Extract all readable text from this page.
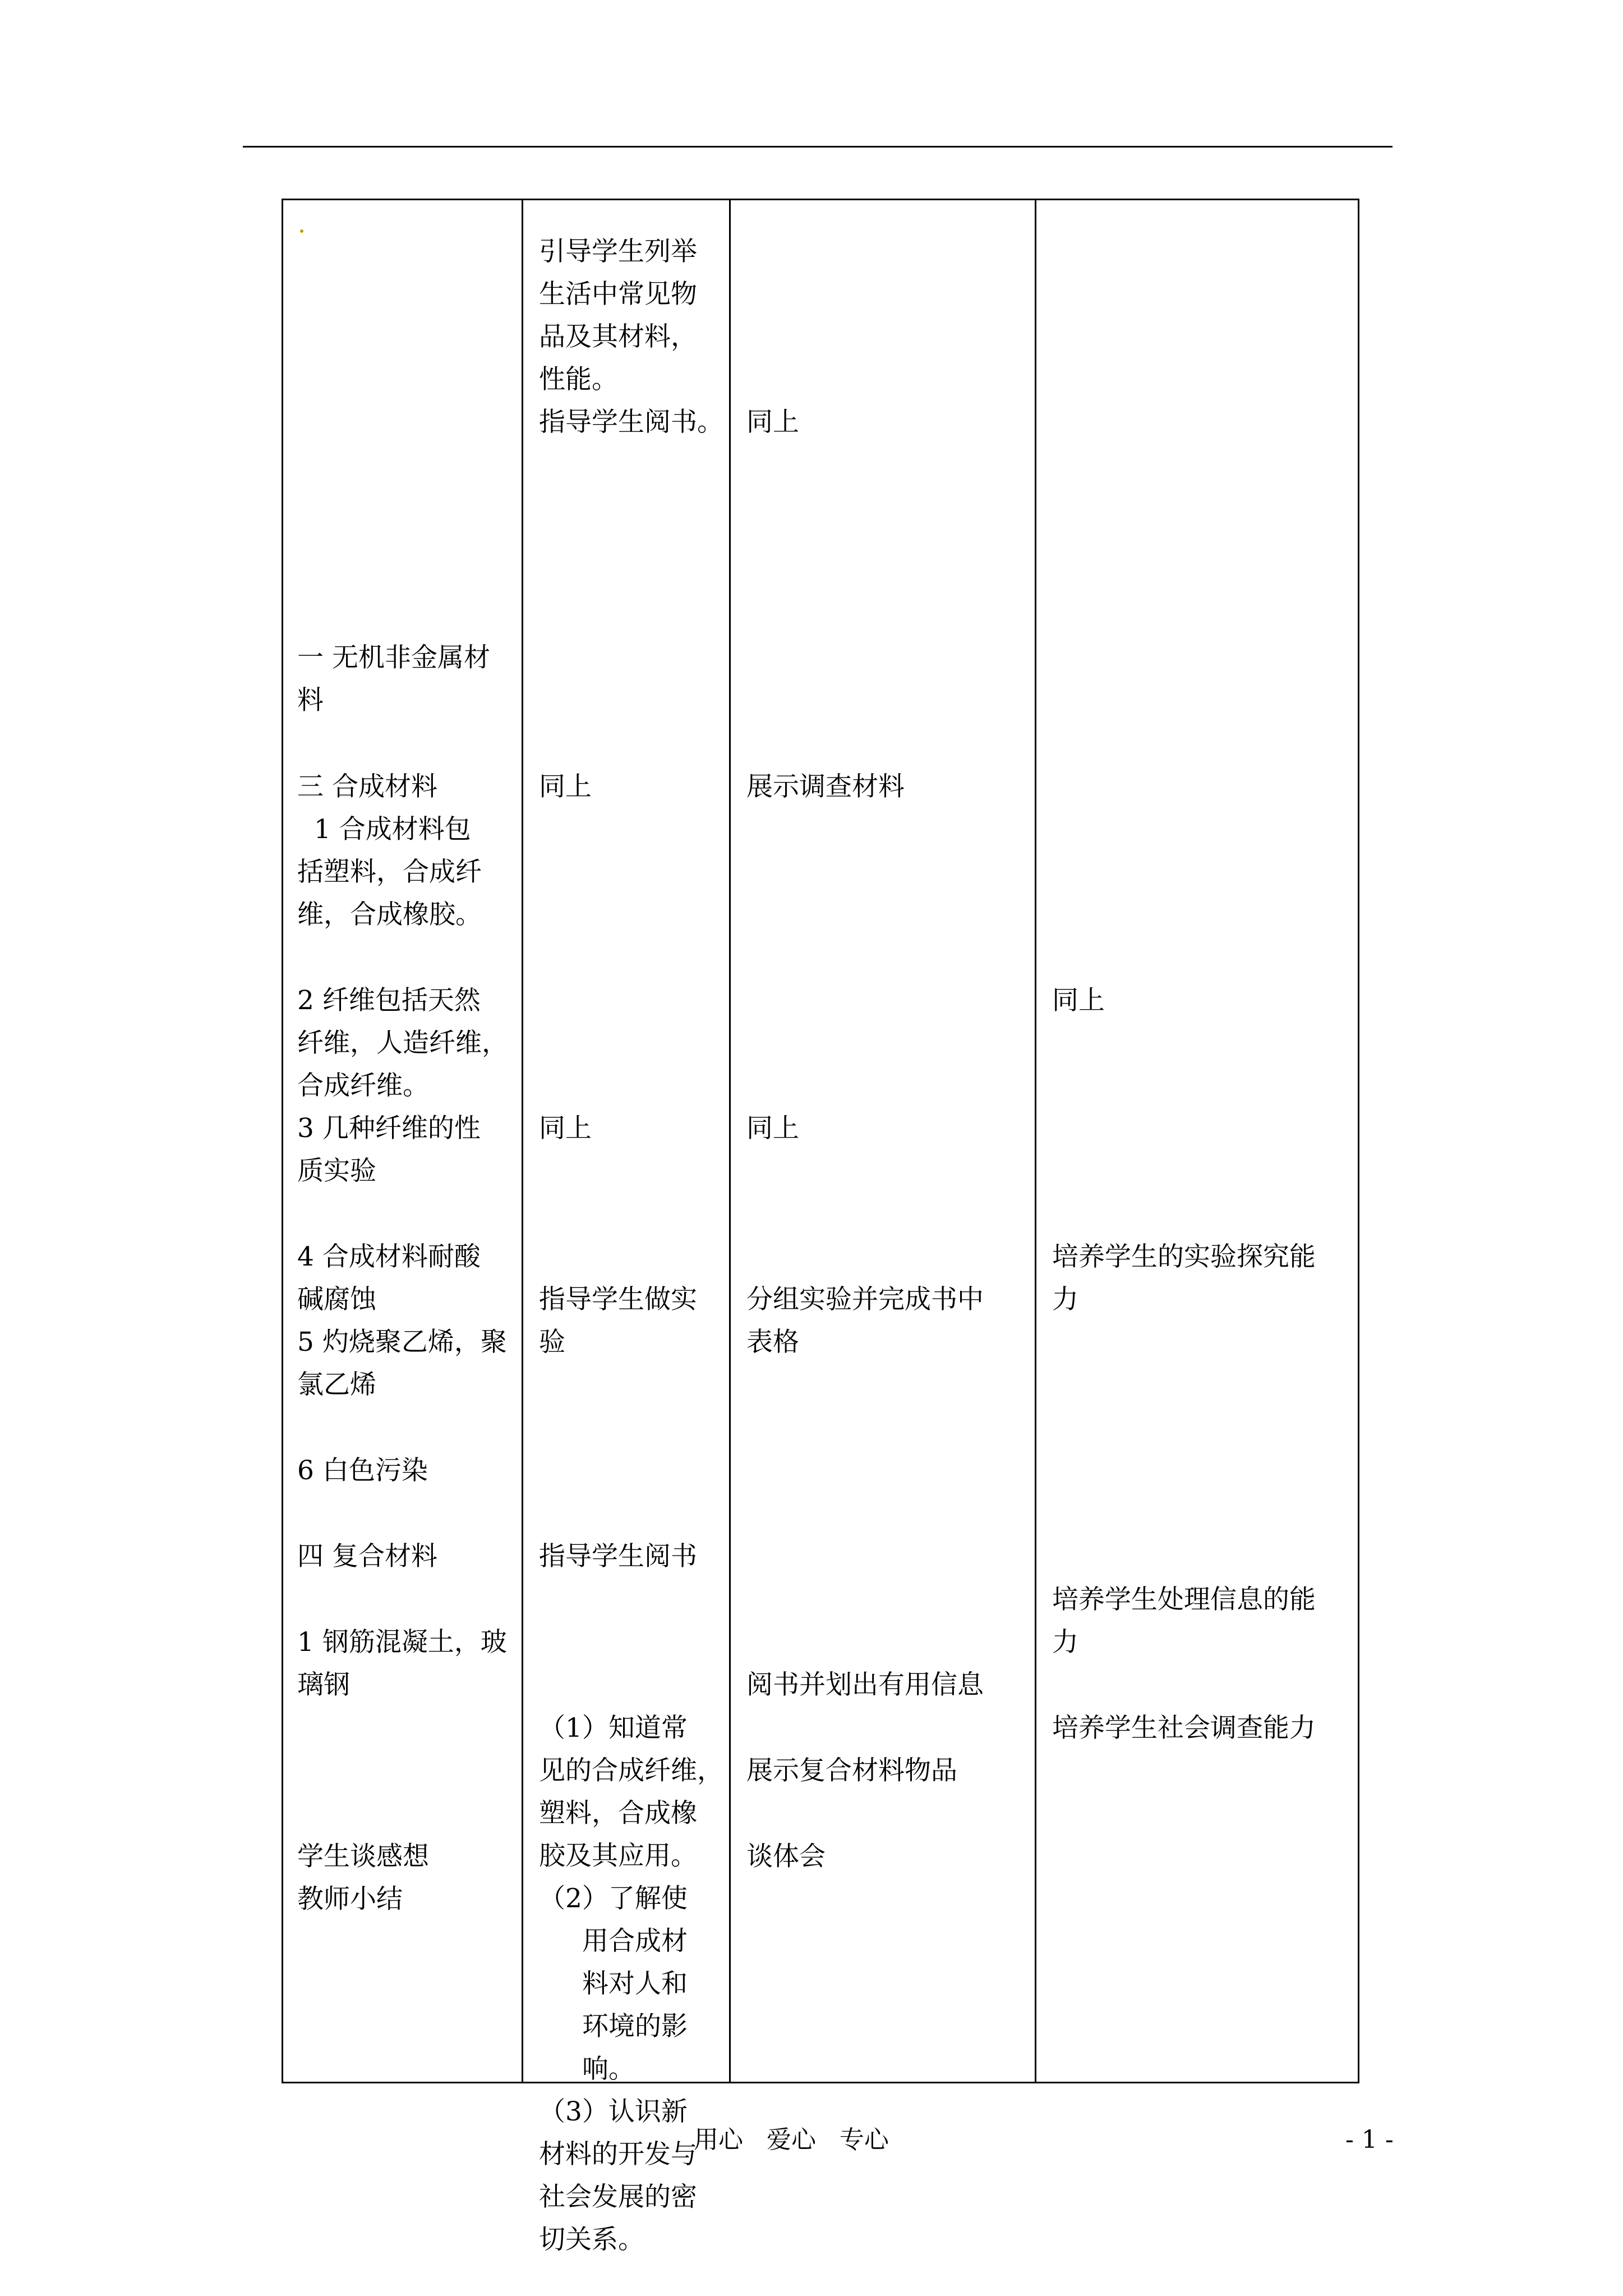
一 无机非金属材
料
三 合成材料
1 合成材料包
括塑料，合成纤
维，合成橡胶。
2 纤维包括天然
纤维，人造纤维，
合成纤维。
3 几种纤维的性
质实验
4 合成材料耐酸
碱腐蚀
5 灼烧聚乙烯，聚
氯乙烯
6 白色污染
四 复合材料
1 钢筋混凝土，玻
璃钢
学生谈感想
教师小结
引导学生列举
生活中常见物
品及其材料，
性能。
指导学生阅书。
同上
同上
指导学生做实
验
指导学生阅书
（1）知道常
见的合成纤维，
塑料，合成橡
胶及其应用。
（2）了解使
用合成材
料对人和
环境的影
响。
（3）认识新
材料的开发与
社会发展的密
切关系。
同上
展示调查材料
同上
分组实验并完成书中
表格
阅书并划出有用信息
展示复合材料物品
谈体会
同上
培养学生的实验探究能
力
培养学生处理信息的能
力
培养学生社会调查能力
用心   爱心   专心	- 1 -
